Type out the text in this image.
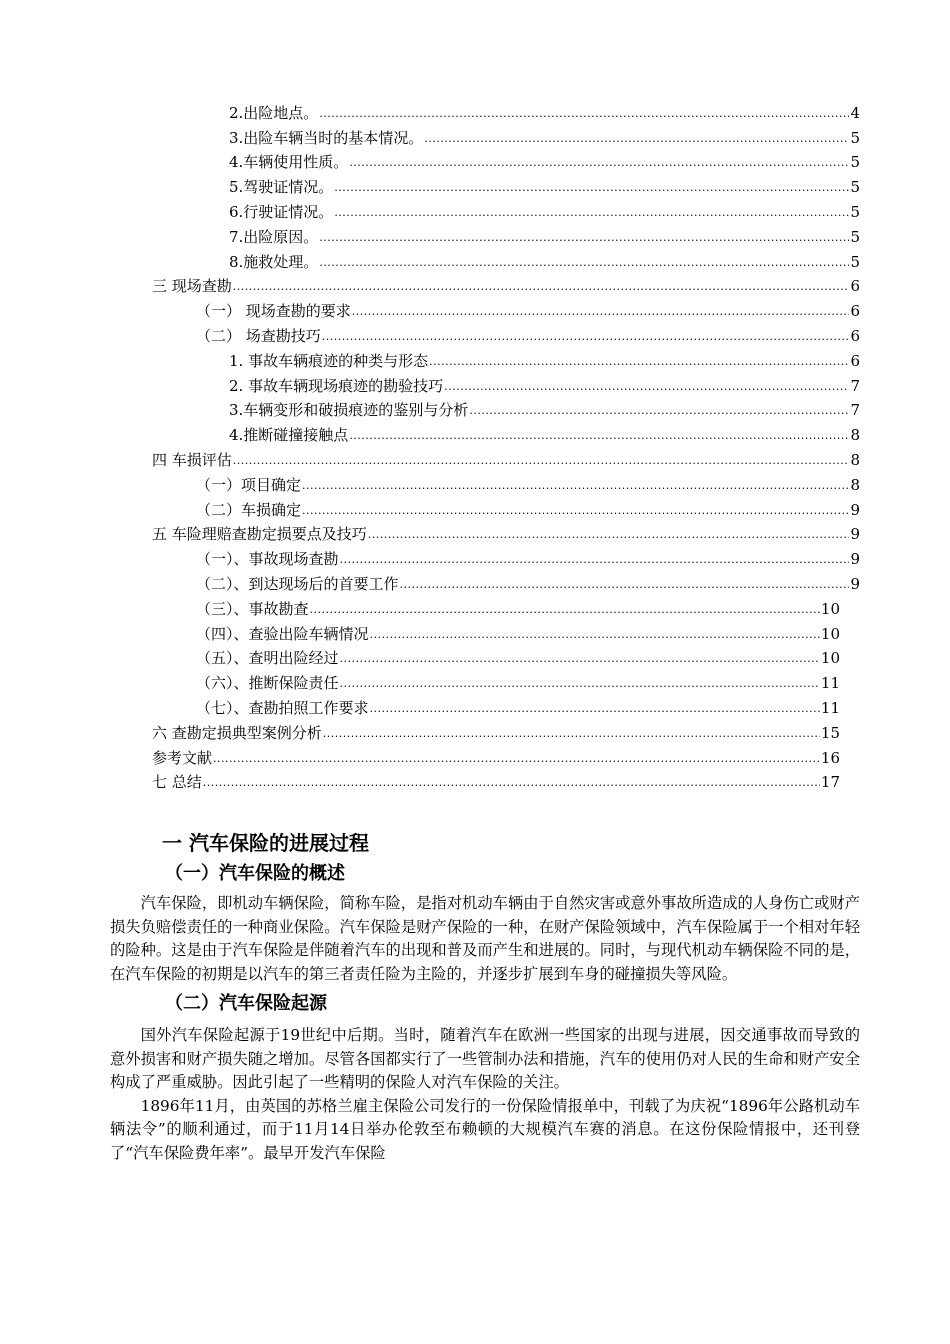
2.出险地点。 .....	4
3.出险车辆当时的基本情况。 .....	5
4.车辆使用性质。 .....	5
5.驾驶证情况。 .....	5
6.行驶证情况。 .....	5
7.出险原因。 .....	5
8.施救处理。 .....	5
三 现场查勘 .....	6
（一） 现场查勘的要求 .....	6
（二） 场查勘技巧 .....	6
1. 事故车辆痕迹的种类与形态 .....	6
2. 事故车辆现场痕迹的勘验技巧 .....	7
3.车辆变形和破损痕迹的鉴别与分析 .....	7
4.推断碰撞接触点 .....	8
四 车损评估 .....	8
（一）项目确定 .....	8
（二）车损确定 .....	9
五 车险理赔查勘定损要点及技巧 .....	9
（一）、事故现场查勘 .....	9
（二）、到达现场后的首要工作 .....	9
（三）、事故勘查 .....	10
（四）、查验出险车辆情况 .....	10
（五）、查明出险经过 .....	10
（六）、推断保险责任 .....	11
（七）、查勘拍照工作要求 .....	11
六 查勘定损典型案例分析 .....	15
参考文献 .....	16
七 总结 .....	17
一 汽车保险的进展过程
（一）汽车保险的概述

汽车保险，即机动车辆保险，简称车险，是指对机动车辆由于自然灾害或意外事故所造成的人身伤亡或财产损失负赔偿责任的一种商业保险。汽车保险是财产保险的一种，在财产保险领域中，汽车保险属于一个相对年轻的险种。这是由于汽车保险是伴随着汽车的出现和普及而产生和进展的。同时，与现代机动车辆保险不同的是，在汽车保险的初期是以汽车的第三者责任险为主险的，并逐步扩展到车身的碰撞损失等风险。

（二）汽车保险起源

国外汽车保险起源于19世纪中后期。当时，随着汽车在欧洲一些国家的出现与进展，因交通事故而导致的意外损害和财产损失随之增加。尽管各国都实行了一些管制办法和措施，汽车的使用仍对人民的生命和财产安全构成了严重威胁。因此引起了一些精明的保险人对汽车保险的关注。

1896年11月，由英国的苏格兰雇主保险公司发行的一份保险情报单中，刊载了为庆祝“1896年公路机动车辆法令”的顺利通过，而于11月14日举办伦敦至布赖顿的大规模汽车赛的消息。在这份保险情报中，还刊登了“汽车保险费年率”。最早开发汽车保险
